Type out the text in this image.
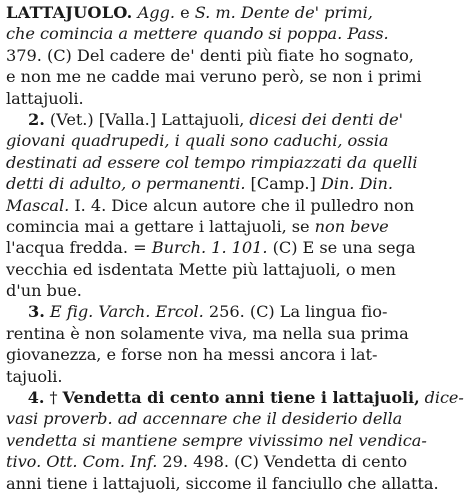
LATTAJUOLO. Agg. e S. m. Dente de' primi,
che comincia a mettere quando si poppa. Pass.
379. (C) Del cadere de' denti più fiate ho sognato,
e non me ne cadde mai veruno però, se non i primi
lattajuoli.
2. (Vet.) [Valla.] Lattajuoli, dicesi dei denti de'
giovani quadrupedi, i quali sono caduchi, ossia
destinati ad essere col tempo rimpiazzati da quelli
detti di adulto, o permanenti. [Camp.] Din. Din.
Mascal. I. 4. Dice alcun autore che il pulledro non
comincia mai a gettare i lattajuoli, se non beve
l'acqua fredda. = Burch. 1. 101. (C) E se una sega
vecchia ed isdentata Mette più lattajuoli, o men
d'un bue.
3. E fig. Varch. Ercol. 256. (C) La lingua fio-
rentina è non solamente viva, ma nella sua prima
giovanezza, e forse non ha messi ancora i lat-
tajuoli.
4. † Vendetta di cento anni tiene i lattajuoli, dice-
vasi proverb. ad accennare che il desiderio della
vendetta si mantiene sempre vivissimo nel vendica-
tivo. Ott. Com. Inf. 29. 498. (C) Vendetta di cento
anni tiene i lattajuoli, siccome il fanciullo che allatta.
